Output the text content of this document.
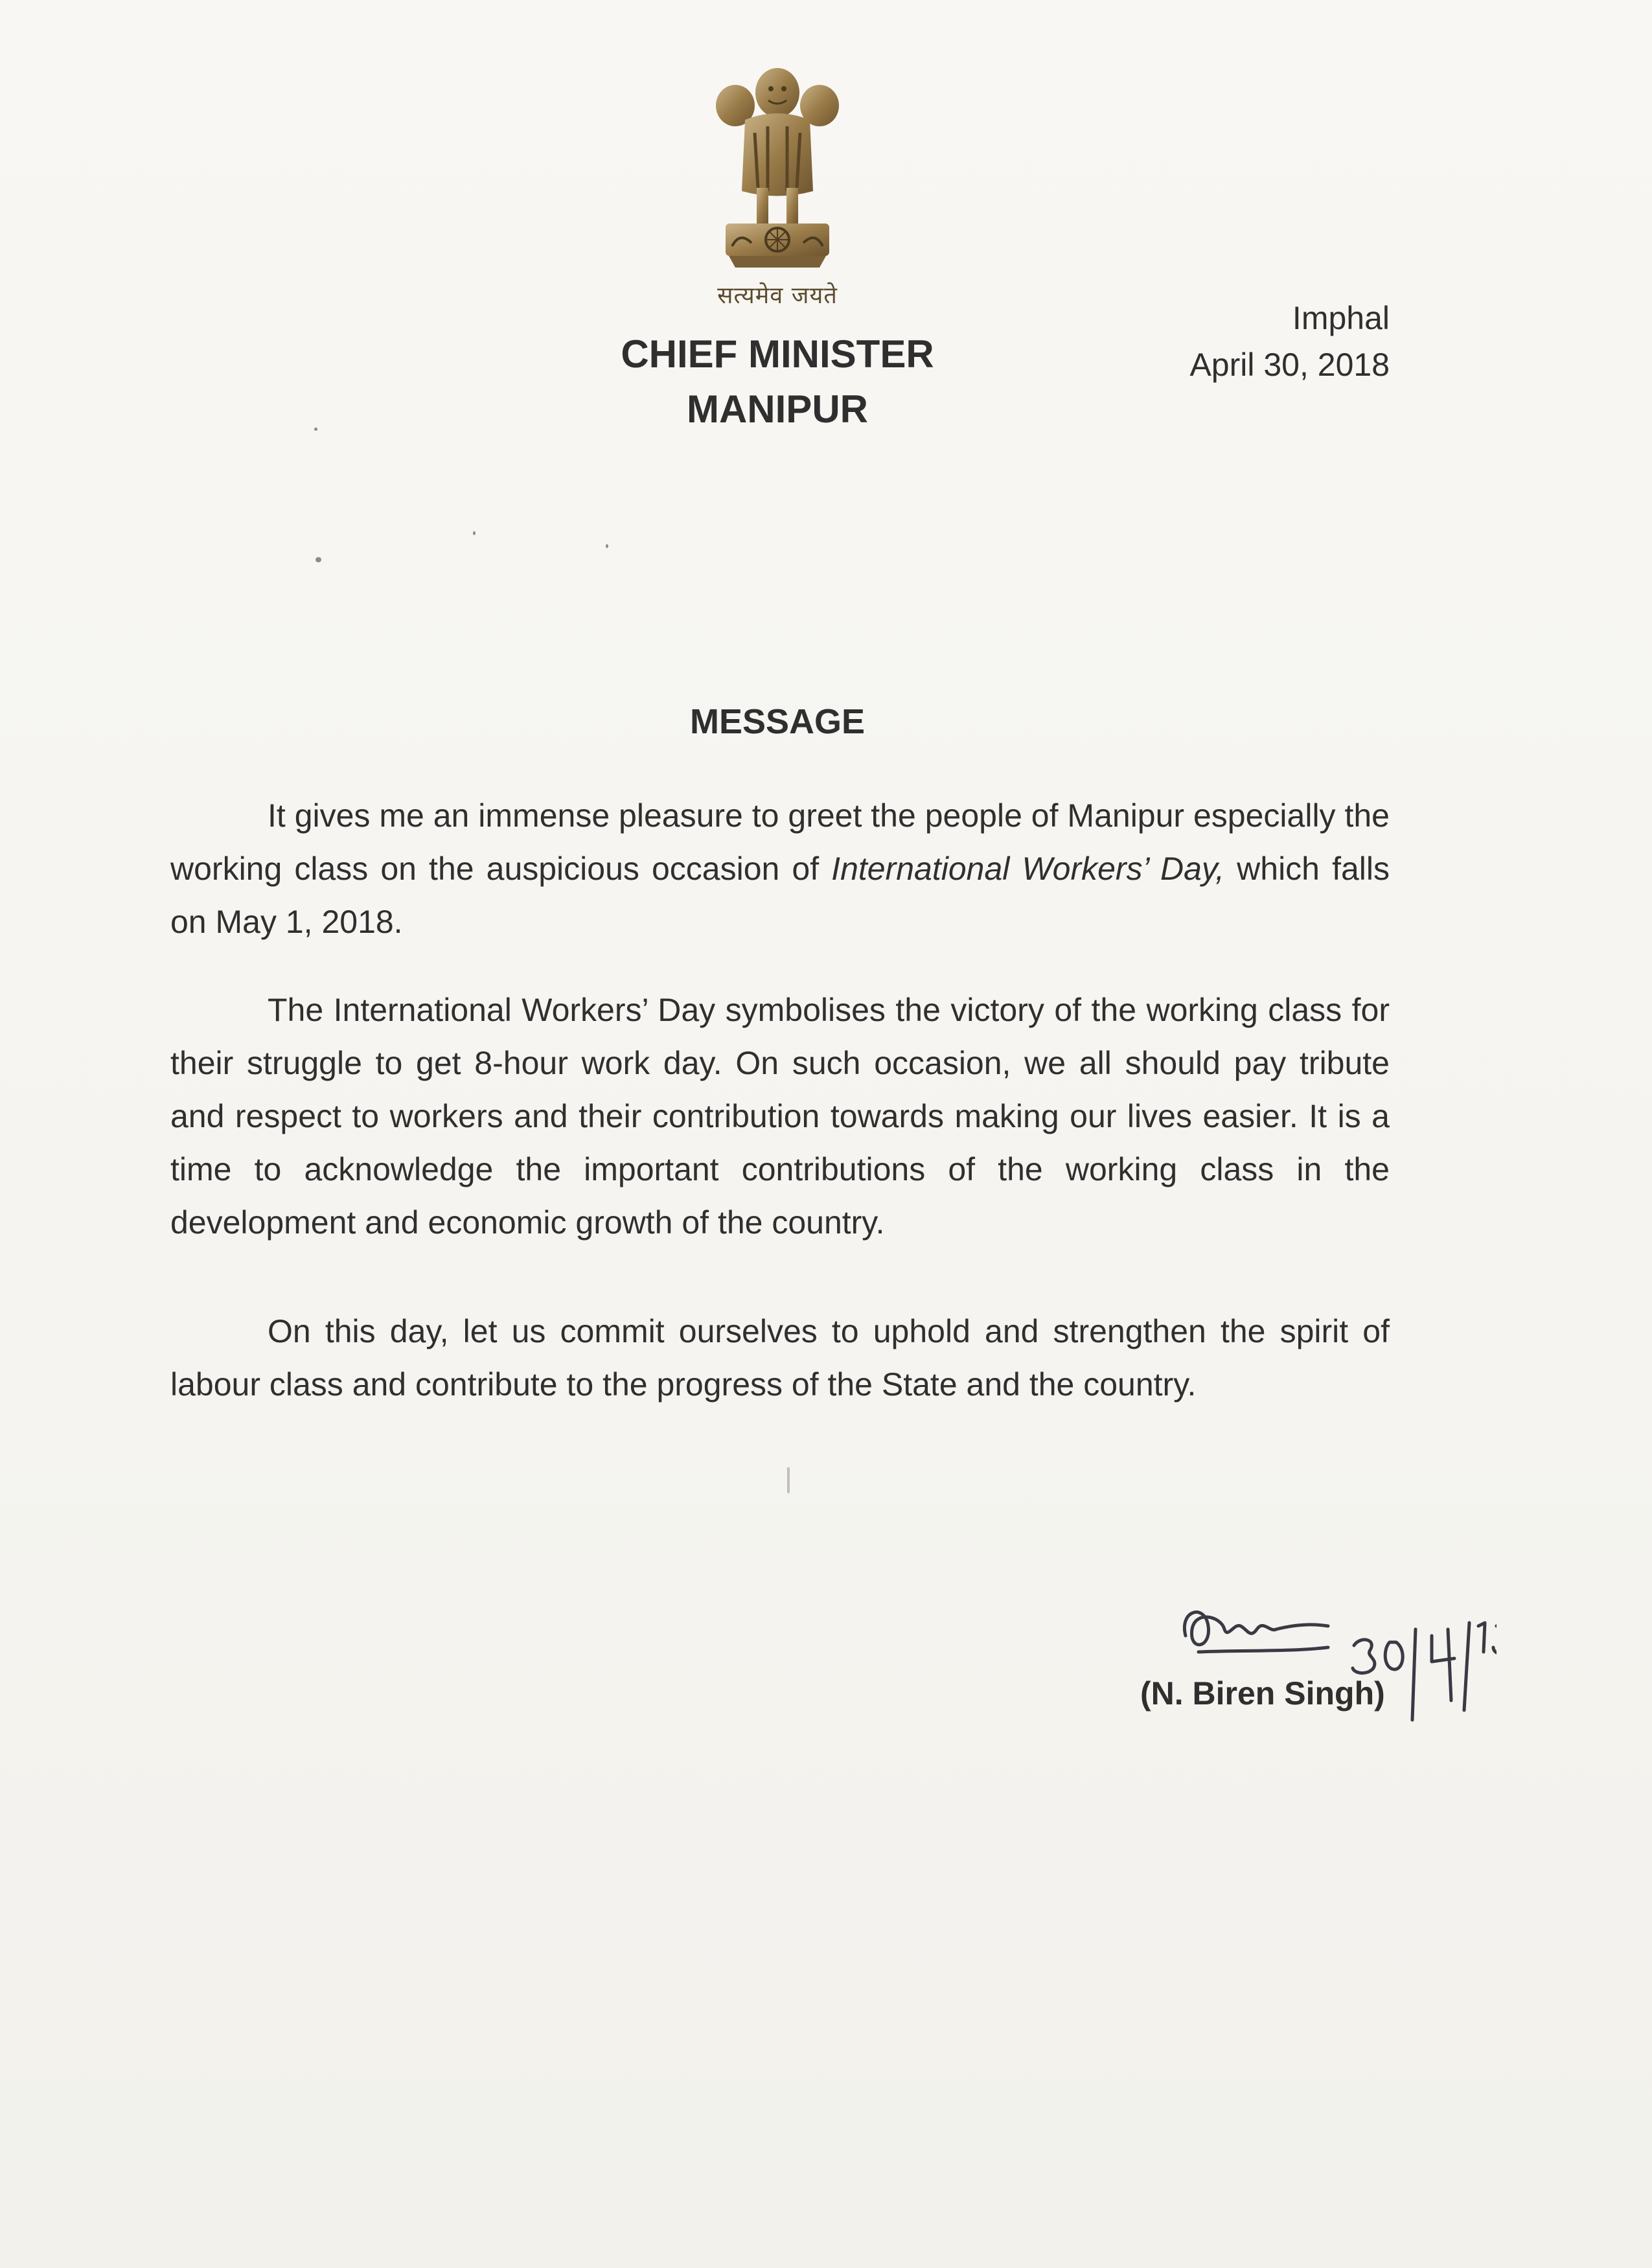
सत्यमेव जयते
CHIEF MINISTER
MANIPUR
Imphal
April 30, 2018
MESSAGE

It gives me an immense pleasure to greet the people of Manipur especially the working class on the auspicious occasion of International Workers’ Day, which falls on May 1, 2018.

The International Workers’ Day symbolises the victory of the working class for their struggle to get 8-hour work day. On such occasion, we all should pay tribute and respect to workers and their contribution towards making our lives easier. It is a time to acknowledge the important contributions of the working class in the development and economic growth of the country.

On this day, let us commit ourselves to uphold and strengthen the spirit of labour class and contribute to the progress of the State and the country.

(N. Biren Singh)
